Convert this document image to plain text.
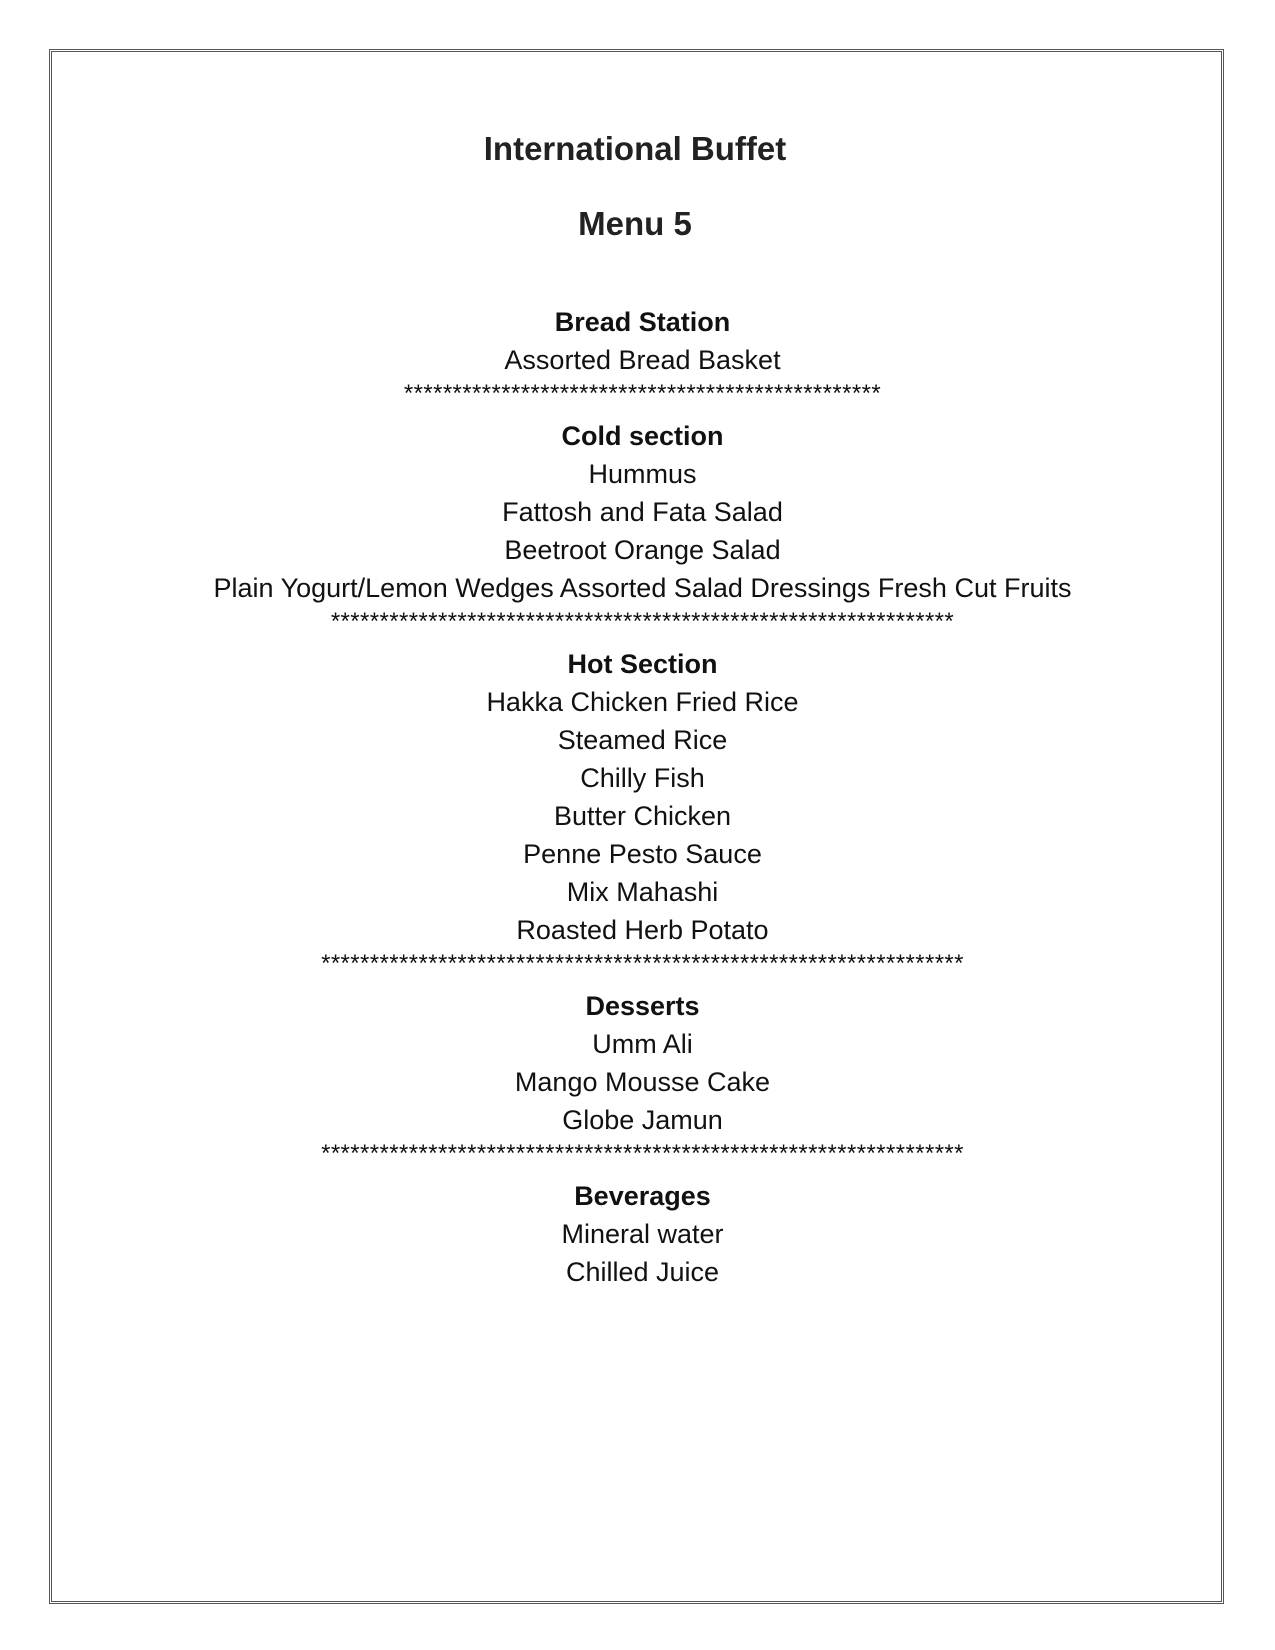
International Buffet
Menu 5
Bread Station
Assorted Bread Basket
*************************************************
Cold section
Hummus
Fattosh and Fata Salad
Beetroot Orange Salad
Plain Yogurt/Lemon Wedges Assorted Salad Dressings Fresh Cut Fruits
****************************************************************
Hot Section
Hakka Chicken Fried Rice
Steamed Rice
Chilly Fish
Butter Chicken
Penne Pesto Sauce
Mix Mahashi
Roasted Herb Potato
******************************************************************
Desserts
Umm Ali
Mango Mousse Cake
Globe Jamun
******************************************************************
Beverages
Mineral water
Chilled Juice
